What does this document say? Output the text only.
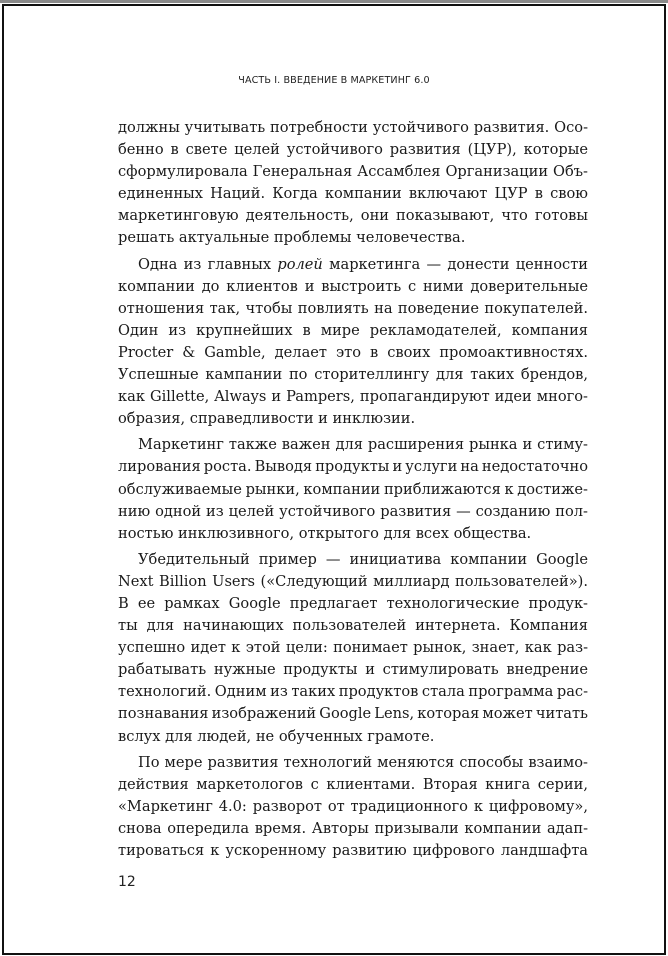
ЧАСТЬ I. ВВЕДЕНИЕ В МАРКЕТИНГ 6.0
должны учитывать потребности устойчивого развития. Осо-
бенно в свете целей устойчивого развития (ЦУР), которые
сформулировала Генеральная Ассамблея Организации Объ-
единенных Наций. Когда компании включают ЦУР в свою
маркетинговую деятельность, они показывают, что готовы
решать актуальные проблемы человечества.
Одна из главных ролей маркетинга — донести ценности
компании до клиентов и выстроить с ними доверительные
отношения так, чтобы повлиять на поведение покупателей.
Один из крупнейших в мире рекламодателей, компания
Procter & Gamble, делает это в своих промоактивностях.
Успешные кампании по сторителлингу для таких брендов,
как Gillette, Always и Pampers, пропагандируют идеи много-
образия, справедливости и инклюзии.
Маркетинг также важен для расширения рынка и стиму-
лирования роста. Выводя продукты и услуги на недостаточно
обслуживаемые рынки, компании приближаются к достиже-
нию одной из целей устойчивого развития — созданию пол-
ностью инклюзивного, открытого для всех общества.
Убедительный пример — инициатива компании Google
Next Billion Users («Следующий миллиард пользователей»).
В ее рамках Google предлагает технологические продук-
ты для начинающих пользователей интернета. Компания
успешно идет к этой цели: понимает рынок, знает, как раз-
рабатывать нужные продукты и стимулировать внедрение
технологий. Одним из таких продуктов стала программа рас-
познавания изображений Google Lens, которая может читать
вслух для людей, не обученных грамоте.
По мере развития технологий меняются способы взаимо-
действия маркетологов с клиентами. Вторая книга серии,
«Маркетинг 4.0: разворот от традиционного к цифровому»,
снова опередила время. Авторы призывали компании адап-
тироваться к ускоренному развитию цифрового ландшафта
12
